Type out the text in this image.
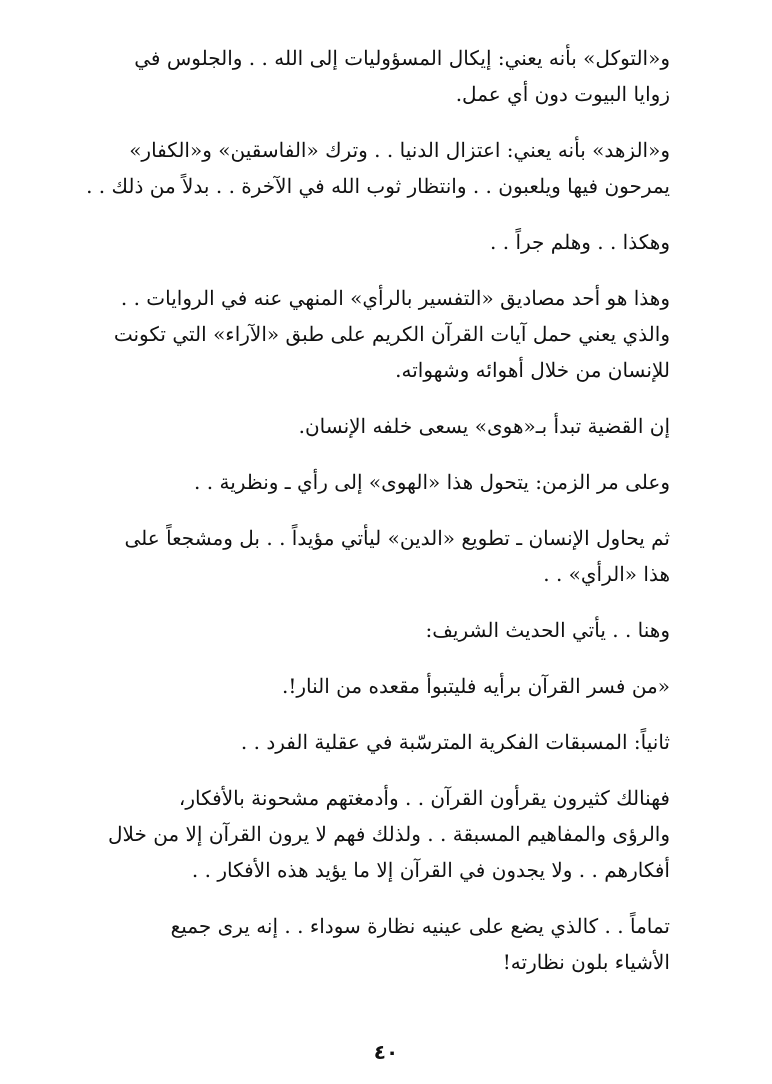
و«التوكل» بأنه يعني: إيكال المسؤوليات إلى الله . . والجلوس في
زوايا البيوت دون أي عمل.

و«الزهد» بأنه يعني: اعتزال الدنيا . . وترك «الفاسقين» و«الكفار»
يمرحون فيها ويلعبون . . وانتظار ثوب الله في الآخرة . . بدلاً من ذلك . .

وهكذا . . وهلم جراً . .

وهذا هو أحد مصاديق «التفسير بالرأي» المنهي عنه في الروايات . .
والذي يعني حمل آيات القرآن الكريم على طبق «الآراء» التي تكونت
للإنسان من خلال أهوائه وشهواته.

إن القضية تبدأ بـ«هوى» يسعى خلفه الإنسان.

وعلى مر الزمن: يتحول هذا «الهوى» إلى رأي ـ ونظرية . .

ثم يحاول الإنسان ـ تطويع «الدين» ليأتي مؤيداً . . بل ومشجعاً على
هذا «الرأي» . .

وهنا . . يأتي الحديث الشريف:

«من فسر القرآن برأيه فليتبوأ مقعده من النار!.

ثانياً: المسبقات الفكرية المترسّبة في عقلية الفرد . .

فهنالك كثيرون يقرأون القرآن . . وأدمغتهم مشحونة بالأفكار،
والرؤى والمفاهيم المسبقة . . ولذلك فهم لا يرون القرآن إلا من خلال
أفكارهم . . ولا يجدون في القرآن إلا ما يؤيد هذه الأفكار . .

تماماً . . كالذي يضع على عينيه نظارة سوداء . . إنه يرى جميع
الأشياء بلون نظارته!

٤٠
